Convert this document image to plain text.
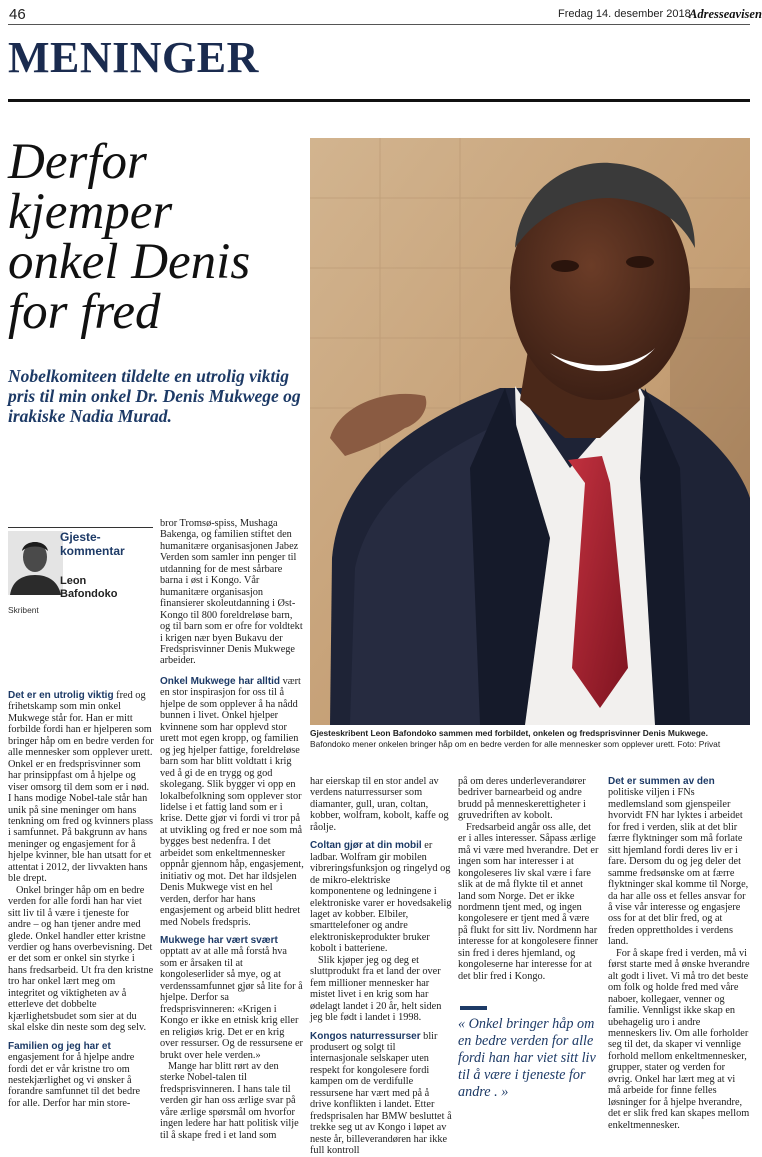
46	Fredag 14. desember 2018
Adresseavisen
MENINGER
Derfor
kjemper
onkel Denis
for fred
Nobelkomiteen tildelte en utrolig viktig pris til min onkel Dr. Denis Mukwege og irakiske Nadia Murad.
Gjesteskribent Leon Bafondoko sammen med forbildet, onkelen og fredsprisvinner Denis Mukwege. Bafondoko mener onkelen bringer håp om en bedre verden for alle mennesker som opplever urett. Foto: Privat
Gjeste-
kommentar
Leon
Bafondoko
Skribent

Det er en utrolig viktig fred og frihetskamp som min onkel Mukwege står for. Han er mitt forbilde fordi han er hjelperen som bringer håp om en bedre verden for alle mennesker som opplever urett. Onkel er en fredsprisvinner som har prinsippfast om å hjelpe og viser omsorg til dem som er i nød. I hans modige Nobel-tale står han unik på sine meninger om hans tenkning om fred og kvinners plass i samfunnet. På bakgrunn av hans meninger og engasjement for å hjelpe kvinner, ble han utsatt for et attentat i 2012, der livvakten hans ble drept.

Onkel bringer håp om en bedre verden for alle fordi han har viet sitt liv til å være i tjeneste for andre – og han tjener andre med glede. Onkel handler etter kristne verdier og hans overbevisning. Det er det som er onkel sin styrke i hans fredsarbeid. Ut fra den kristne tro har onkel lært meg om integritet og viktigheten av å etterleve det dobbelte kjærlighetsbudet som sier at du skal elske din neste som deg selv.

Familien og jeg har et engasjement for å hjelpe andre fordi det er vår kristne tro om nestekjærlighet og vi ønsker å forandre samfunnet til det bedre for alle. Derfor har min store-

bror Tromsø-spiss, Mushaga Bakenga, og familien stiftet den humanitære organisasjonen Jabez Verden som samler inn penger til utdanning for de mest sårbare barna i øst i Kongo. Vår humanitære organisasjon finansierer skoleutdanning i Øst-Kongo til 800 foreldreløse barn, og til barn som er ofre for voldtekt i krigen nær byen Bukavu der Fredsprisvinner Denis Mukwege arbeider.

Onkel Mukwege har alltid vært en stor inspirasjon for oss til å hjelpe de som opplever å ha nådd bunnen i livet. Onkel hjelper kvinnene som har opplevd stor urett mot egen kropp, og familien og jeg hjelper fattige, foreldreløse barn som har blitt voldtatt i krig ved å gi de en trygg og god skolegang. Slik bygger vi opp en lokalbefolkning som opplever stor lidelse i et fattig land som er i krise. Dette gjør vi fordi vi tror på at utvikling og fred er noe som må bygges best nedenfra. I det arbeidet som enkeltmennesker oppnår gjennom håp, engasjement, initiativ og mot. Det har ildsjelen Denis Mukwege vist en hel verden, derfor har hans engasjement og arbeid blitt hedret med Nobels fredspris.

Mukwege har vært svært opptatt av at alle må forstå hva som er årsaken til at kongoleserlider så mye, og at verdenssamfunnet gjør så lite for å hjelpe. Derfor sa fredsprisvinneren: «Krigen i Kongo er ikke en etnisk krig eller en religiøs krig. Det er en krig over ressurser. Og de ressursene er brukt over hele verden.»

Mange har blitt rørt av den sterke Nobel-talen til fredsprisvinneren. I hans tale til verden gir han oss ærlige svar på våre ærlige spørsmål om hvorfor ingen ledere har hatt politisk vilje til å skape fred i et land som

har eierskap til en stor andel av verdens naturressurser som diamanter, gull, uran, coltan, kobber, wolfram, kobolt, kaffe og råolje.

Coltan gjør at din mobil er ladbar. Wolfram gir mobilen vibreringsfunksjon og ringelyd og de mikro-elektriske komponentene og ledningene i elektroniske varer er hovedsakelig laget av kobber. Elbiler, smarttelefoner og andre elektroniskeprodukter bruker kobolt i batteriene.

Slik kjøper jeg og deg et sluttprodukt fra et land der over fem millioner mennesker har mistet livet i en krig som har ødelagt landet i 20 år, helt siden jeg ble født i landet i 1998.

Kongos naturressurser blir produsert og solgt til internasjonale selskaper uten respekt for kongolesere fordi kampen om de verdifulle ressursene har vært med på å drive konflikten i landet. Etter fredsprisalen har BMW besluttet å trekke seg ut av Kongo i løpet av neste år, billeverandøren har ikke full kontroll

på om deres underleverandører bedriver barnearbeid og andre brudd på menneskerettigheter i gruvedriften av kobolt.

Fredsarbeid angår oss alle, det er i alles interesser. Såpass ærlige må vi være med hverandre. Det er ingen som har interesser i at kongoleseres liv skal være i fare slik at de må flykte til et annet land som Norge. Det er ikke nordmenn tjent med, og ingen kongolesere er tjent med å være på flukt for sitt liv. Nordmenn har interesse for at kongolesere finner sin fred i deres hjemland, og kongoleserne har interesse for at det blir fred i Kongo.

« Onkel bringer håp om en bedre verden for alle fordi han har viet sitt liv til å være i tjeneste for andre . »

Det er summen av den politiske viljen i FNs medlemsland som gjenspeiler hvorvidt FN har lyktes i arbeidet for fred i verden, slik at det blir færre flyktninger som må forlate sitt hjemland fordi deres liv er i fare. Dersom du og jeg deler det samme fredsønske om at færre flyktninger skal komme til Norge, da har alle oss et felles ansvar for å vise vår interesse og engasjere oss for at det blir fred, og at freden opprettholdes i verdens land.

For å skape fred i verden, må vi først starte med å ønske hverandre alt godt i livet. Vi må tro det beste om folk og holde fred med våre naboer, kollegaer, venner og familie. Vennligst ikke skap en ubehagelig uro i andre menneskers liv. Om alle forholder seg til det, da skaper vi vennlige forhold mellom enkeltmennesker, grupper, stater og verden for øvrig. Onkel har lært meg at vi må arbeide for finne felles løsninger for å hjelpe hverandre, det er slik fred kan skapes mellom enkeltmennesker.
